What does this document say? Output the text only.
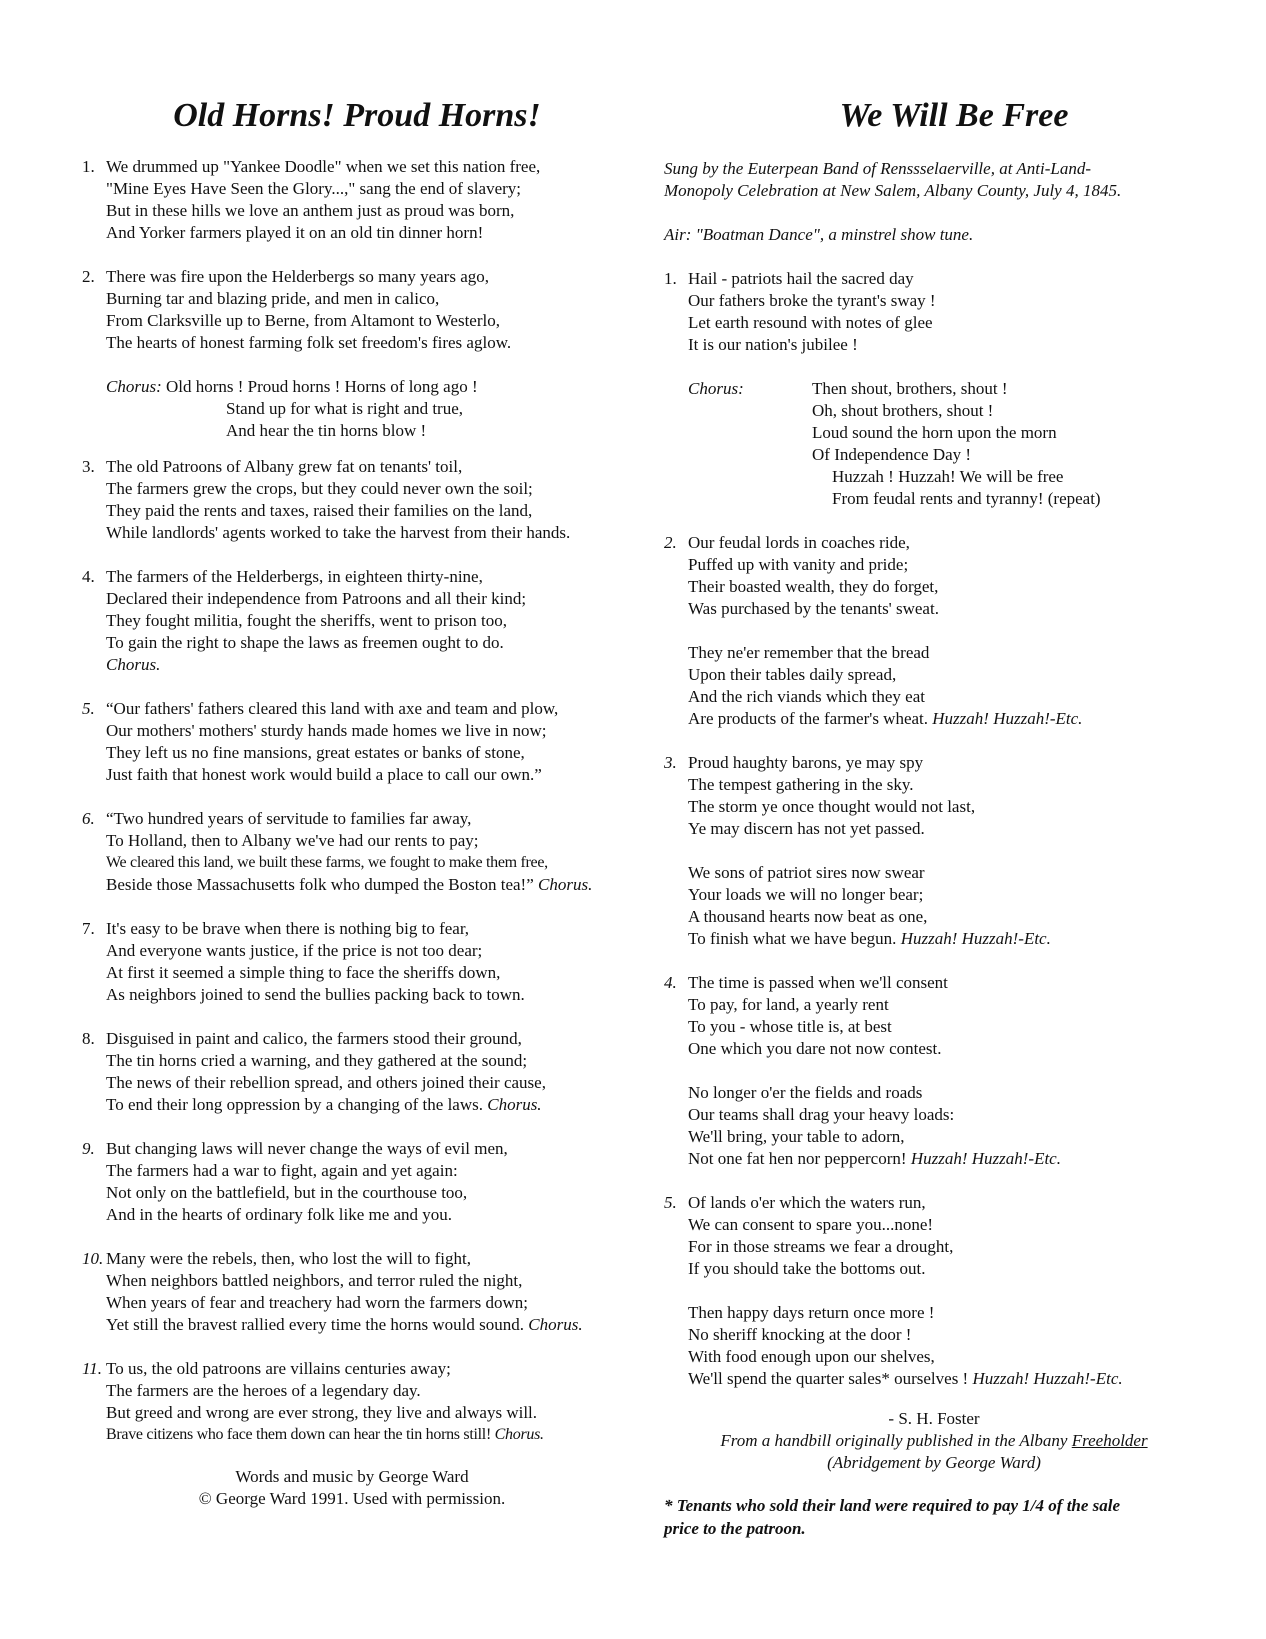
Old Horns! Proud Horns!
1. We drummed up "Yankee Doodle" when we set this nation free,
"Mine Eyes Have Seen the Glory...," sang the end of slavery;
But in these hills we love an anthem just as proud was born,
And Yorker farmers played it on an old tin dinner horn!
2. There was fire upon the Helderbergs so many years ago,
Burning tar and blazing pride, and men in calico,
From Clarksville up to Berne, from Altamont to Westerlo,
The hearts of honest farming folk set freedom's fires aglow.
Chorus: Old horns ! Proud horns ! Horns of long ago !
Stand up for what is right and true,
And hear the tin horns blow !
3. The old Patroons of Albany grew fat on tenants' toil,
The farmers grew the crops, but they could never own the soil;
They paid the rents and taxes, raised their families on the land,
While landlords' agents worked to take the harvest from their hands.
4. The farmers of the Helderbergs, in eighteen thirty-nine,
Declared their independence from Patroons and all their kind;
They fought militia, fought the sheriffs, went to prison too,
To gain the right to shape the laws as freemen ought to do.
Chorus.
5. “Our fathers' fathers cleared this land with axe and team and plow,
Our mothers' mothers' sturdy hands made homes we live in now;
They left us no fine mansions, great estates or banks of stone,
Just faith that honest work would build a place to call our own.”
6. “Two hundred years of servitude to families far away,
To Holland, then to Albany we've had our rents to pay;
We cleared this land, we built these farms, we fought to make them free,
Beside those Massachusetts folk who dumped the Boston tea!” Chorus.
7. It's easy to be brave when there is nothing big to fear,
And everyone wants justice, if the price is not too dear;
At first it seemed a simple thing to face the sheriffs down,
As neighbors joined to send the bullies packing back to town.
8. Disguised in paint and calico, the farmers stood their ground,
The tin horns cried a warning, and they gathered at the sound;
The news of their rebellion spread, and others joined their cause,
To end their long oppression by a changing of the laws. Chorus.
9. But changing laws will never change the ways of evil men,
The farmers had a war to fight, again and yet again:
Not only on the battlefield, but in the courthouse too,
And in the hearts of ordinary folk like me and you.
10. Many were the rebels, then, who lost the will to fight,
When neighbors battled neighbors, and terror ruled the night,
When years of fear and treachery had worn the farmers down;
Yet still the bravest rallied every time the horns would sound. Chorus.
11. To us, the old patroons are villains centuries away;
The farmers are the heroes of a legendary day.
But greed and wrong are ever strong, they live and always will.
Brave citizens who face them down can hear the tin horns still! Chorus.
Words and music by George Ward
© George Ward 1991. Used with permission.
We Will Be Free
Sung by the Euterpean Band of Renssselaerville, at Anti-Land-
Monopoly Celebration at New Salem, Albany County, July 4, 1845.
Air: "Boatman Dance", a minstrel show tune.
1. Hail - patriots hail the sacred day
Our fathers broke the tyrant's sway !
Let earth resound with notes of glee
It is our nation's jubilee !
Chorus:	Then shout, brothers, shout !
Oh, shout brothers, shout !
Loud sound the horn upon the morn
Of Independence Day !
Huzzah ! Huzzah! We will be free
From feudal rents and tyranny! (repeat)
2. Our feudal lords in coaches ride,
Puffed up with vanity and pride;
Their boasted wealth, they do forget,
Was purchased by the tenants' sweat.
They ne'er remember that the bread
Upon their tables daily spread,
And the rich viands which they eat
Are products of the farmer's wheat. Huzzah! Huzzah!-Etc.
3. Proud haughty barons, ye may spy
The tempest gathering in the sky.
The storm ye once thought would not last,
Ye may discern has not yet passed.
We sons of patriot sires now swear
Your loads we will no longer bear;
A thousand hearts now beat as one,
To finish what we have begun. Huzzah! Huzzah!-Etc.
4. The time is passed when we'll consent
To pay, for land, a yearly rent
To you - whose title is, at best
One which you dare not now contest.
No longer o'er the fields and roads
Our teams shall drag your heavy loads:
We'll bring, your table to adorn,
Not one fat hen nor peppercorn! Huzzah! Huzzah!-Etc.
5. Of lands o'er which the waters run,
We can consent to spare you...none!
For in those streams we fear a drought,
If you should take the bottoms out.
Then happy days return once more !
No sheriff knocking at the door !
With food enough upon our shelves,
We'll spend the quarter sales* ourselves ! Huzzah! Huzzah!-Etc.
- S. H. Foster
From a handbill originally published in the Albany Freeholder
(Abridgement by George Ward)
* Tenants who sold their land were required to pay 1/4 of the sale
price to the patroon.
